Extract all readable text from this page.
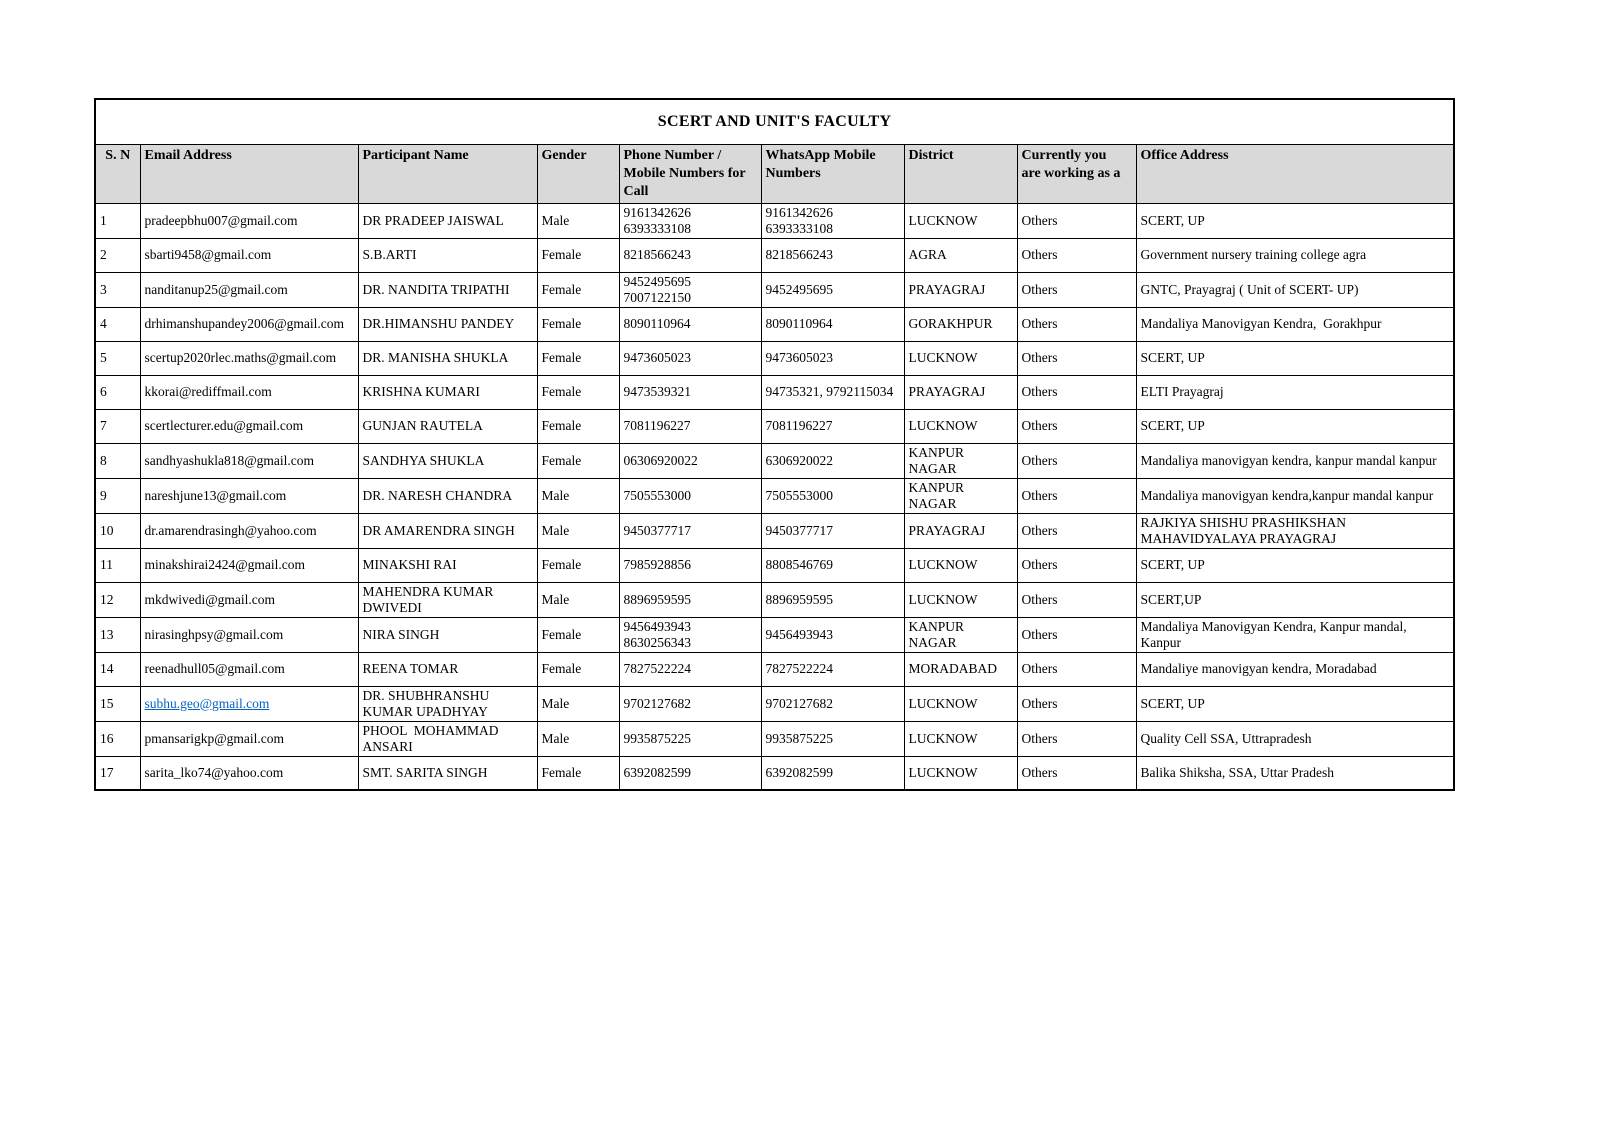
SCERT AND UNIT'S FACULTY								
S. N	Email Address	Participant Name	Gender	Phone Number /
Mobile Numbers for
Call	WhatsApp Mobile
Numbers	District	Currently you
are working as a	Office Address
1	pradeepbhu007@gmail.com	DR PRADEEP JAISWAL	Male	9161342626
6393333108	9161342626
6393333108	LUCKNOW	Others	SCERT, UP
2	sbarti9458@gmail.com	S.B.ARTI	Female	8218566243	8218566243	AGRA	Others	Government nursery training college agra
3	nanditanup25@gmail.com	DR. NANDITA TRIPATHI	Female	9452495695
7007122150	9452495695	PRAYAGRAJ	Others	GNTC, Prayagraj ( Unit of SCERT- UP)
4	drhimanshupandey2006@gmail.com	DR.HIMANSHU PANDEY	Female	8090110964	8090110964	GORAKHPUR	Others	Mandaliya Manovigyan Kendra,  Gorakhpur
5	scertup2020rlec.maths@gmail.com	DR. MANISHA SHUKLA	Female	9473605023	9473605023	LUCKNOW	Others	SCERT, UP
6	kkorai@rediffmail.com	KRISHNA KUMARI	Female	9473539321	94735321, 9792115034	PRAYAGRAJ	Others	ELTI Prayagraj
7	scertlecturer.edu@gmail.com	GUNJAN RAUTELA	Female	7081196227	7081196227	LUCKNOW	Others	SCERT, UP
8	sandhyashukla818@gmail.com	SANDHYA SHUKLA	Female	06306920022	6306920022	KANPUR
NAGAR	Others	Mandaliya manovigyan kendra, kanpur mandal kanpur
9	nareshjune13@gmail.com	DR. NARESH CHANDRA	Male	7505553000	7505553000	KANPUR
NAGAR	Others	Mandaliya manovigyan kendra,kanpur mandal kanpur
10	dr.amarendrasingh@yahoo.com	DR AMARENDRA SINGH	Male	9450377717	9450377717	PRAYAGRAJ	Others	RAJKIYA SHISHU PRASHIKSHAN
MAHAVIDYALAYA PRAYAGRAJ
11	minakshirai2424@gmail.com	MINAKSHI RAI	Female	7985928856	8808546769	LUCKNOW	Others	SCERT, UP
12	mkdwivedi@gmail.com	MAHENDRA KUMAR
DWIVEDI	Male	8896959595	8896959595	LUCKNOW	Others	SCERT,UP
13	nirasinghpsy@gmail.com	NIRA SINGH	Female	9456493943
8630256343	9456493943	KANPUR
NAGAR	Others	Mandaliya Manovigyan Kendra, Kanpur mandal,
Kanpur
14	reenadhull05@gmail.com	REENA TOMAR	Female	7827522224	7827522224	MORADABAD	Others	Mandaliye manovigyan kendra, Moradabad
15	subhu.geo@gmail.com	DR. SHUBHRANSHU
KUMAR UPADHYAY	Male	9702127682	9702127682	LUCKNOW	Others	SCERT, UP
16	pmansarigkp@gmail.com	PHOOL  MOHAMMAD
ANSARI	Male	9935875225	9935875225	LUCKNOW	Others	Quality Cell SSA, Uttrapradesh
17	sarita_lko74@yahoo.com	SMT. SARITA SINGH	Female	6392082599	6392082599	LUCKNOW	Others	Balika Shiksha, SSA, Uttar Pradesh
